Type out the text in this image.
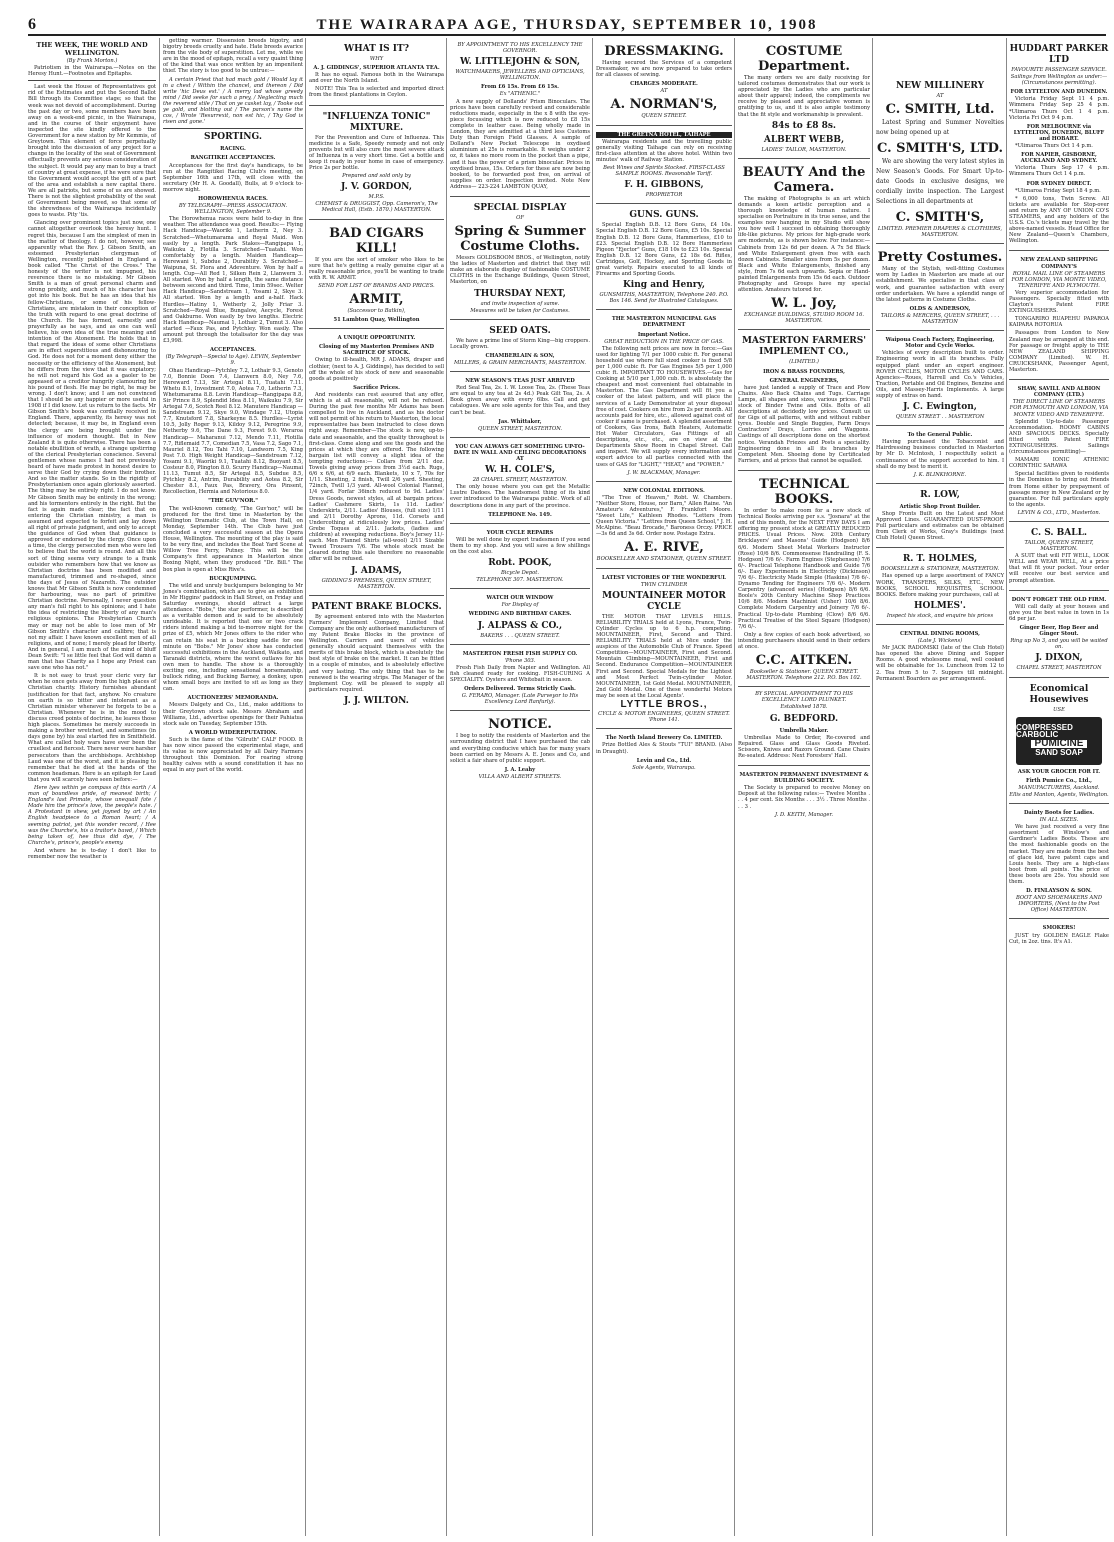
6	THE WAIRARAPA AGE, THURSDAY, SEPTEMBER 10, 1908
THE WEEK, THE WORLD AND WELLINGTON.
(By Frank Morton.)

Patriotism in the Wairarapa.—Notes on the Heresy Hunt.—Footnotes and Epitaphs.

Last week the House of Representatives got rid of the Estimates and put the Second Ballot Bill through its Committee stage; so that the week was not devoid of accomplishment. During the past day or two, some members have been away on a week-end picnic, in the Wairarapa, and in the course of their enjoyment have inspected the site kindly offered to the Government for a new station by Mr Kemmis, of Greytown. This element of force perpetually brought into the discussion of any project for a change in the locality of the seat of Government effectually prevents any serious consideration of the subject. It would pay any man to buy a tract of country at great expense, if he were sure that the Government would accept the gift of a part of the area and establish a new capital there. We are all patriots, but some of us are showed. There is not the slightest probability of the seat of Government being moved, so that some of the shrewdness of the Wairarapa incidentally goes to waste. Pity 'tis.

Glancing over prominent topics just now, one cannot altogether overlook the heresy hunt. I regret this, because I am the simplest of men in the matter of theology. I do not, however, see apparently what the Rev. J. Gibson Smith, an esteemed Presbyterian clergyman of Wellington, recently published in England a book called "The Christ of the Cross." The honesty of the writer is not impugned, his reverence there is no mistaking. Mr Gibson Smith is a man of great personal charm and strong probity, and much of his character has got into his book. But he has an idea that his fellow-Christians, or some of his fellow-Christians, are mistaken in their conception of the truth with regard to one great doctrine of the Church. He has formed, earnestly and prayerfully as he says, and as one can well believe, his own idea of the true meaning and intention of the Atonement. He holds that in that regard the ideas of some other Christians are in effect superstitious and dishonouring to God. He does not for a moment deny either the necessity or the efficiency of the Atonement, but he differs from the view that it was expiatory; he will not regard his God as a gaoler to be appeased or a creditor hungrily clamouring for his pound of flesh. He may be right, he may be wrong. I don't know; and I am not convinced that I should be any happier or more useful in 1908 if I did know. Let us return to the facts. Mr Gibson Smith's book was cordially received in England. There, apparently, its heresy was not detected; because, it may be, in England even the clergy are being brought under the influence of modern thought. But in New Zealand it is quite otherwise. There has been a notable ebullition of wrath, a strange upstirring of the clerical Presbyterian conscience. Several gentlemen whose names I had not previously heard of have made protest in honest desire to serve their God by crying down their brother. And so the matter stands. So in the rigidity of Presbyterianism once again gloriously asserted. The thing may be entirely right. I do not know. Mr Gibson Smith may be entirely in the wrong; and his tormentors entirely in the right. But the fact is again made clear; the fact that on entering the Christian ministry, a man is assumed and expected to forfeit and lay down all right of private judgment, and only to accept the guidance of God when that guidance is approved or endorsed by the clergy. Once upon a time, the clergy persecuted men who were led to believe that the world is round. And all this sort of thing seems very strange to a frank outsider who remembers how that we know as Christian doctrine has been modified and manufactured, trimmed and re-shaped, since the days of Jesus of Nazareth. The outsider knows that Mr Gibson Smith is now condemned for harbouring, was no part of primitive Christian doctrine. Personally, I never question any man's full right to his opinions; and I hate the idea of restricting the liberty of any man's religious opinions. The Presbyterian Church may or may not be able to lose men of Mr Gibson Smith's character and calibre; that is not my affair. I have known excellent men of all religions, and of none; I merely plead for liberty. And in general, I am much of the mind of bluff Dean Swift: "I se little feel that God will damn a man that has Charity as I hope any Priest can save one who has not."

It is not easy to trust your cleric very far when he once gets away from the high places of Christian charity. History furnishes abundant justification for that fact, anyhow. No creature on earth is so bitter and intolerant as a Christian minister whenever he forgets to be a Christian. Whenever he is in the mood to discuss creed points of doctrine, he leaves those high places. Sometimes he merely succeeds in making a brother wretched, and sometimes (in days gone by) his zeal started fire in Smithfield. What are called holy wars have ever been the cruellest and fiercest. There never were harsher persecutors than the archbishops. Archbishop Laud was one of the worst, and it is pleasing to remember that he died at the hands of the common headsman. Here is an epitaph for Laud that you will scarcely have seen before:—

Here lyes within ye compass of this earth / A man of boundless pride, of meanest birth; / England's last Primate, whose unequall fate / Made him the prince's love, the people's hate. / A Protestant in shew, yet joyned by art / An English headpiece to a Roman heart; / A seeming patriot, yet this wonder record, / Hee was the Churche's, his a traitor's bawd, / Which being taken of, hee thus did dye, / The Churche's, prince's, people's enemy.

And where he is to-day I don't like to remember now the weather is

getting warmer. Dissension breeds bigotry, and bigotry breeds cruelty and hate. Hate breeds avarice from the vile body of superstition. Let me, while we are in the mood of epitaph, recall a very quaint thing of the kind that was once written by an impenitent thief. The story is too good to be untrue:—

A certain Priest that had much gold / Would lay it in a chest / Within the chancel, and thereon / Did write 'hic Deus est.' / A merry lad whose greedy mind / Did seeke for such a prey, / Neglecting much the reverend stile / That on ye casket lay, / Tooke out ye gold, and blotting out / The parson's name the cos, / Wrote 'Resurrexit, non est hic, / Thy God is risen and gone.'

SPORTING.
RACING.
RANGITIKEI ACCEPTANCES.

Acceptances for the first day's handicaps, to be run at the Rangitikei Racing Club's meeting, on September 16th and 17th, will close with the secretary (Mr H. A. Goodall), Bulls, at 9 o'clock to-morrow night.

HOROWHENUA RACES.
BY TELEGRAPH—PRESS ASSOCIATION. WELLINGTON, September 9.

The Horowhenua races were held to-day in fine weather. The attendance was good. Results:— Flying Hack Handicap—Waoriki 1, Letherin 2, Ney 3. Scratched—Whetumarama and Royal Maid. Won easily by a length. Park Stakes—Rangipapa 1, Waikuku 2, Flotilla 3. Scratched—Tuatahi. Won comfortably by a length. Maiden Handicap—Herewani 1, Subdue 2, Durability 3. Scratched—Waipuna, St. Flora and Adeventure. Won by half a length. Cup—All Red 1, Silken Rein 2, Llanwern 3. All started. Won by half a length, the same distance between second and third. Time, 1min 59sec. Welter Hack Handicap—Sandstream 1, Yosami 2, Skye 3. All started. Won by a length and a-half. Hack Hurdles—Hatiny 1, Wetherly 2, Jolly Friar 3. Scratched—Royal Blue, Bungalow, Aecycle, Forest and Oakburne. Won easily by two lengths. Electric Hack Handicap—Naumai 1, Lothair 2, Tumut 3. Also started —Faux Pas, and Pytchley. Won easily. The amount put through the totalisator for the day was £3,998.

ACCEPTANCES.
(By Telegraph—Special to Age). LEVIN, September 9.

Ohau Handicap—Pytchley 7.2, Lothair 9.3, Genoto 7.0, Bonnie Doon 7.4, Llanwern 8.0, Ney 7.6, Hereward 7.13, Sir Artegal 8.11, Tuatahi 7.11. Whetu 8.1, Investment 7.0, Aotea 7.0, Letherin 7.3, Whetumarama 8.8. Levin Handicap—Rangipapa 8.8, Sir Prince 8.9, Splendid Idea 8.11, Waikuku 7.9, Sir Artegal 7.6, Scotch Reel 8.12. Manutere Handicap — Sandstream 9.12, Skye 9.0, Windage 7.12, Utopia 7.7, Knutsford 7.8, Sharkeyne 8.5. Hurdles—Lyrist 10.5, Jolly Roger 9.13, Kildoy 9.12, Peregrine 9.9, Netherby 9.6, The Dane 9.3, Forest 9.0. Weraroa Handicap— Maharanui 7.12, Mendo 7.11, Flotilla 7.7, Riflemaid 7.7, Comedian 7.5, Vasa 7.2, Sago 7.1, Mauriel 8.12, Tou Tahi 7.10, Landworn 7.5, King Post 7.0. High Weight Handicap—Sandstream 7.12, Yosami 9.1, Waoriki 9.1, Tuatahi 8.12, Buoyant 8.5, Costeur 8.0, Plington 8.0. Scurry Handicap—Naumai 11.13, Tumut 8.5, Sir Artegal 8.5, Subdue 8.5, Pytchley 8.2, Antrim, Durability and Aotea 8.2, Sir Chester 8.1, Faux Pas, Bravery, Ora Pinsent, Recollection, Hermia and Notorious 8.0.

"THE GUV'NOR."

The well-known comedy, "The Guv'nor," will be produced for the first time in Masterton by the Wellington Dramatic Club, at the Town Hall, on Monday, September 14th. The Club have just concluded a very successful season at the Opera House, Wellington. The mounting of the play is said to be very fine, and includes the Boat Yard Scene at Willow Tree Ferry, Putney. This will be the Company's first appearance in Masterton since Boxing Night, when they produced "Dr. Bill." The box plan is open at Miss Rive's.

BUCKJUMPING.

The wild and unruly buckjumpers belonging to Mr Jones's combination, which are to give an exhibition in Mr Higgins' paddock in Hall Street, on Friday and Saturday evenings, should attract a large attendance. "Bobs," the star performer, is described as a veritable demon and is said to be absolutely unrideable. It is reported that one or two crack riders intend making a bid to-morrow night for the prize of £5, which Mr Jones offers to the rider who can retain his seat in a bucking saddle for one minute on "Bobs." Mr Jones' show has conducted successful exhibitions in the Auckland, Waikato, and Taranaki districts, where the worst outlaws for his own men to handle. The show is a thoroughly exciting one, including sensational horsemanship, bullock riding, and Bucking Barney, a donkey, upon whom small boys are invited to sit as long as they can.

AUCTIONEERS' MEMORANDA.

Messrs Dalgety and Co., Ltd., make additions to their Greytown stock sale. Messrs Abraham and Williams, Ltd., advertise openings for their Pahiatua stock sale on Tuesday, September 15th.

A WORLD WIDEREPUTATION.

Such is the fame of the "Gilruth" CALF FOOD. It has now since passed the experimental stage, and its value is now appreciated by all Dairy Farmers throughout this Dominion. For rearing strong healthy calves with a sound constitution it has no equal in any part of the world.

WHAT IS IT?
WHY
A. J. GIDDINGS', SUPERIOR ATLANTA TEA.

It has no equal. Famous both in the Wairarapa and over the North Island.

NOTE! This Tea is selected and imported direct from the finest plantations in Ceylon.

"INFLUENZA TONIC" MIXTURE.

For the Prevention and Cure of Influenza. This medicine is a Safe, Speedy remedy and not only prevents but will also cure the most severe attack of Influenza in a very short time. Get a bottle and keep it ready in your home in case of emergency. Price 2s per bottle.

Prepared and sold only by
J. V. GORDON,
M.P.S.
CHEMIST & DRUGGIST, Opp. Cameron's, The Medical Hall, (Estb. 1870.) MASTERTON.
BAD CIGARS KILL!

If you are the sort of smoker who likes to be sure that he's getting a really genuine cigar at a really reasonable price, you'll be wanting to trade with R. W. ARMIT.

SEND FOR LIST OF BRANDS AND PRICES.
ARMIT,
(Successor to Batkin),
51 Lambton Quay, Wellington
A UNIQUE OPPORTUNITY.
Closing of my Masterton Premises AND SACRIFICE OF STOCK.

Owing to ill-health, MR J. ADAMS, draper and clothier, (next to A. J. Giddings), has decided to sell off the whole of his stock of new and seasonable goods at positively

Sacrifice Prices.

And residents can rest assured that any offer, which is at all reasonable, will not be refused. During the past few months Mr Adams has been compelled to live in Auckland, and as his doctor will not permit of his return to Masterton, the local representative has been instructed to close down right away. Remember—The stock is new, up-to-date and seasonable, and the quality throughout is first-class. Come along and see the goods and the prices at which they are offered. The following bargain list will convey a slight idea of the tempting reductions:— Collars from 2/11 doz. Towels giving away prices from 3½d each. Rugs, 6/6 x 6/6, at 6/9 each. Blankets, 10 x 7, 70s for 1/11. Sheeting, 2 finish, Twill 2/6 yard. Sheeting, 72inch, Twill 1/3 yard. All-wool Colonial Flannel, 1/4 yard. Forfar 36inch reduced to 9d. Ladies' Dress Goods, newest styles, all at bargain prices. Ladies' Cashmere Skirts, 1s 11d. Ladies' Underskirts, 2/11. Ladies' Blouses, (full size) 1/11 and 2/11 Dorothy Aprons, 11d. Corsets and Undercothing at ridiculously low prices. Ladies' Grebe Toques at 2/11. Jackets, (ladies and children) at sweeping reductions. Boy's Jersey 11/- each. Men Flannel Shirts (all-wool) 2/11 Sizable Tweed Trousers 7/6. The whole stock must be cleared during this sale therefore no reasonable offer will be refused.

J. ADAMS,
GIDDING'S PREMISES, QUEEN STREET, MASTERTON.
PATENT BRAKE BLOCKS.

By agreement entered into with the Masterton Farmers' Implement Company, Limited that Company are the only authorised manufacturers of my Patent Brake Blocks in the province of Wellington. Carriers and users of vehicles generally should acquaint themselves with the merits of this brake block, which is absolutely the best style of brake on the market. It can be fitted in a couple of minutes, and is absolutely effective and very lasting. The only thing that has to be renewed is the wearing strips. The Manager of the Implement Coy. will be pleased to supply all particulars required.

J. J. WILTON.
BY APPOINTMENT TO HIS EXCELLENCY THE GOVERNOR.
W. LITTLEJOHN & SON,
WATCHMAKERS, JEWELLERS AND OPTICIANS, WELLINGTON.
From £6 15s. From £6 15s.
Ex "ATHENIC."

A new supply of Dollands' Prism Binoculars. The prices have been carefully revised and considerable reductions made, especially in the x 8 with the eye-piece focussing which is now reduced to £8 15s complete in leather case. Being wholly made in London, they are admitted at a third less Customs Duty than Foreign Field Glasses. A sample of Dolland's New Pocket Telescope in oxydised aluminium at 25s is remarkable. It weighs under 2 oz, it takes no more room in the pocket than a pipe, and it has the power of a prism binocular. Prices in oxydised brass, 15s. Orders for these are now being booked, to be forwarded post free, on arrival of supplies on order. Inspection invited. Note New Address— 223-224 LAMBTON QUAY,

SPECIAL DISPLAY
OF
Spring & Summer Costume Cloths.

Messrs GOLDSBOOM BROS., of Wellington, notify the ladies of Masterton and district that they will make an elaborate display of fashionable COSTUME CLOTHS in the Exchange Buildings, Queen Street, Masterton, on

THURSDAY NEXT,
and invite inspection of same.
Measures will be taken for Costumes.
SEED OATS.

We have a prime line of Storm King—big croppers. Locally grown.

CHAMBERLAIN & SON,
MILLERS, & GRAIN MERCHANTS, MASTERTON.
NEW SEASON'S TEAS JUST ARRIVED

Red Seal Tea, 2s. I. W. Loose Tea, 2s. (These Teas are equal to any tea at 2s 4d.) Peak Gilt Tea, 2s. A Book given away with every 6lbs. Call and get catalogues. We are sole agents for this Tea, and they can't be beat.

Jas. Whittaker,
QUEEN STREET, MASTERTON.
YOU CAN ALWAYS GET SOMETHING UP-TO-DATE IN WALL AND CEILING DECORATIONS AT
W. H. COLE'S,
28 CHAPEL STREET, MASTERTON.

The only house where you can get the Metallic Lustre Dadoes. The handsomest thing of its kind ever introduced to the Wairarapa public. Work of all descriptions done in any part of the province.

TELEPHONE No. 149.
YOUR CYCLE REPAIRS

Will be well done by expert tradesmen if you send them to my shop. And you will save a few shillings on the cost also.

Robt. POOK,
Bicycle Depot.
TELEPHONE 307. MASTERTON.
WATCH OUR WINDOW
For Display of
WEDDING AND BIRTHDAY CAKES.
J. ALPASS & CO.,
BAKERS . . . QUEEN STREET.
MASTERTON FRESH FISH SUPPLY CO.
'Phone 303.

Fresh Fish Daily from Napier and Wellington. All fish cleaned ready for cooking. FISH-CURING A SPECIALITY. Oysters and Whitebait in season.

Orders Delivered. Terms Strictly Cash.
G. FERARO, Manager. (Late Purveyor to His Excellency Lord Ranfurly).
NOTICE.

I beg to notify the residents of Masterton and the surrounding district that I have purchased the cab and everything conducive which has for many years been carried on by Messrs A. E. Jones and Co, and solicit a fair share of public support.

J. A. Leahy
VILLA AND ALBERT STREETS.
DRESSMAKING.

Having secured the Services of a competent Dressmaker, we are now prepared to take orders for all classes of sewing.

CHARGES MODERATE.
AT
A. NORMAN'S,
QUEEN STREET.
THE GRETNA HOTEL, TAIHAPE

Wairarapa residents and the travelling public generally visiting Taihape can rely on receiving first-class attention at the above hotel. Within two minutes' walk of Railway Station.

Best Wines and Spirits Stocked. FIRST-CLASS SAMPLE ROOMS. Reasonable Tariff.
F. H. GIBBONS,
PROPRIETOR
GUNS. GUNS.

Special English D.B. 12 Bore Guns, £4 10s. Special English D.B. 12 Bore Guns, £5 10s. Special English D.B. 12 Bore Guns, Hammerless, £10 to £23. Special English D.B. 12 Bore Hammerless Pigeon "Ejector" Guns, £18 10s to £23 10s. Special English D.B. 12 Bore Guns, £2 18s 6d. Rifles, Cartridges, Golf, Hockey, and Sporting Goods in great variety. Repairs executed to all kinds of Firearms and Sporting Goods.

King and Henry,
GUNSMITHS, MASTERTON, Telephone 240. P.O. Box 146. Send for Illustrated Catalogues.
THE MASTERTON MUNICIPAL GAS DEPARTMENT
Important Notice.
GREAT REDUCTION IN THE PRICE OF GAS.

The following nett prices are now in force:—Gas used for lighting 7/1 per 1000 cubic ft. For general household use where full sized cooker is fixed 5/8 per 1,000 cubic ft. For Gas Engines 5/5 per 1,000 cubic ft. IMPORTANT TO HOUSEWIVES.—Gas for Cooking at 5/10 per 1,000 cub. ft. is absolutely the cheapest and most convenient fuel obtainable in Masterton. The Gas Department will fit you a cooker of the latest pattern, and will place the services of a Lady Demonstrator at your disposal free of cost. Cookers on hire from 2s per month. All accounts paid for hire, etc., allowed against cost of cooker if same is purchased. A splendid assortment of Cookers, Gas Irons, Bath Heaters, Automatic Hot Water Circulators, Gas Fittings of all descriptions, etc., etc., are on view at the Departments Show Room in Chapel Street. Call and inspect. We will supply every information and expert advice to all parties connected with the uses of GAS for "LIGHT," "HEAT," and "POWER."

J. W. BLACKMAN, Manager.
NEW COLONIAL EDITIONS.

"The Tree of Heaven," Robt. W. Chambers. "Neither Store, House, nor Barn," Allen Raine. "An Amateur's Adventures," F. Frankfort Moore. "Sweet Life," Kathleen Rhodes. "Letters from Queen Victoria." "Lettres from Queen School," J. H. McAlpine. "Beau Brocade," Baroness Orczy. PRICE—3s 6d and 3s 6d. Order now. Postage Extra.

A. E. RIVE,
BOOKSELLER AND STATIONER, QUEEN STREET.
LATEST VICTORIES OF THE WONDERFUL
TWIN CYLINDER
MOUNTAINEER MOTOR CYCLE

THE MOTOR THAT LEVELS HILLS. RELIABILITY TRIALS held at Lyons, France, Twin-Cylinder Cycles up to 6 h.p. competing. MOUNTAINEER, First, Second and Third. RELIABILITY TRIALS held at Nice under the auspices of the Automobile Club of France. Speed Competition—MOUNTAINEER, First and Second. Mountain Climbing—MOUNTAINEER, First and Second. Endurance Competition—MOUNTAINEER First and Second. Special Medals for the Lightest and Most Perfect Twin-cylinder Motor. MOUNTAINEER, 1st Gold Medal. MOUNTAINEER, 2nd Gold Medal. One of these wonderful Motors may be seen at the Local Agents'.

LYTTLE BROS.,
CYCLE & MOTOR ENGINEERS, QUEEN STREET. 'Phone 141.
The North Island Brewery Co. LIMITED.

Prize Bottled Ales & Stouts "TUI" BRAND. (Also in Draught).

Levin and Co., Ltd.
Sole Agents, Wairarapa.
COSTUME Department.

The many orders we are daily receiving for tailored costumes demonstrates that our work is appreciated by the Ladies who are particular about their apparel; indeed, the compliments we receive by pleased and appreciative women is gratifying to us, and it is also ample testimony that the fit style and workmanship is prevalent.

84s to £8 8s.
ALBERT WEBB,
LADIES' TAILOR, MASTERTON.
BEAUTY And the Camera.

The making of Photographs is an art which demands a keen artistic perception and a thorough knowledge of human nature. I specialise on Portraiture in its true sense, and the examples now hanging in my Studio will show you how well I succeed in obtaining thoroughly life-like pictures. My prices for high-grade work are moderate, as is shown below. For instance:—Cabinets from 12s 6d per dozen. A 7x 5d Black and White Enlargement given free with each dozen Cabinets. Smaller sizes from 5s per dozen. Black and White Enlargements, finished any style, from 7s 6d each upwards. Sepia or Hand-painted Enlargements from 15s 6d each. Outdoor Photography and Groups have my special attention. Amateurs tutored for.

W. L. Joy,
EXCHANGE BUILDINGS, STUDIO ROOM 16. MASTERTON.
MASTERTON FARMERS' IMPLEMENT CO.,
(LIMITED.)
IRON & BRASS FOUNDERS,
GENERAL ENGINEERS,

have just landed a supply of Trace and Plow Chains. Also Back Chains and Tugs. Carriage Lamps, all shapes and sizes, various prices. Full stock of Binder Twine and Oils. Bolts of all descriptions at decidedly low prices. Consult us for Gigs of all patterns, with and without rubber tyres. Double and Single Buggies, Farm Drays Contractors' Drays, Lorries and Waggons. Castings of all descriptions done on the shortest notice. Verandah Friezes and Posts a speciality. Engineering done in all its branches by Competent Men. Shoeing done by Certificated Farriers, and at prices that cannot be equalled.

TECHNICAL BOOKS.

In order to make room for a new stock of Technical Books arriving per s.s. "Josnara" at the end of this month, for the NEXT FEW DAYS I am offering my present stock at GREATLY REDUCED PRICES. Usual Prices. Now. 20th Century Bricklayers' and Masons' Guide (Hodgson) 8/6 6/6. Modern Sheet Metal Workers Instructor (Rose) 10/6 8/6. Commonsense Handrailing (F. S. Hodgson) 7/6 6/-. Farm Engines (Stephenson) 7/6 6/-. Practical Telephone Handbook and Guide 7/6 6/-. Easy Experiments in Electricity (Dickinson) 7/6 6/-. Electricity Made Simple (Haskins) 7/6 6/-. Dynamo Tending for Engineers 7/6 6/-. Modern Carpentry (advanced series) (Hodgson) 8/6 6/6. Boole's 20th Century Machine Shop Practices 10/6 8/6. Modern Machinist (Usher) 10/6 8/6. Complete Modern Carpentry and Joinery 7/6 6/-. Practical Up-to-date Plumbing (Clow) 8/6 6/6. Practical Treatise of the Steel Square (Hodgson) 7/6 6/-.

Only a few copies of each book advertised, so intending purchasers should send in their orders at once.

C.C. AITKEN.
Bookseller & Stationer. QUEEN STREET. MASTERTON. Telephone 212. P.O. Box 102.
BY SPECIAL APPOINTMENT TO HIS EXCELLENCY LORD PLUNKET.
Established 1878.
G. BEDFORD.
Umbrella Maker.

Umbrellas Made to Order, Re-covered and Repaired. Glass and Glass Goods Riveted. Scissors, Knives and Razors Ground. Cane Chairs Re-seated. Address: Next Foresters' Hall.

MASTERTON PERMANENT INVESTMENT & BUILDING SOCIETY.

The Society is prepared to receive Money on Deposit at the following rates:— Twelve Months . . . 4 per cent. Six Months . . . 3½ . Three Months . . . 3 .

J. D. KEITH, Manager.
NEW MILLINERY
AT
C. SMITH, Ltd.

Latest Spring and Summer Novelties now being opened up at

C. SMITH'S, LTD.

We are showing the very latest styles in New Season's Goods. For Smart Up-to-date Goods in exclusive designs, we cordially invite inspection. The Largest Selections in all departments at

C. SMITH'S,
LIMITED. PREMIER DRAPERS & CLOTHIERS, MASTERTON.
Pretty Costumes.

Many of the Stylish, well-fitting Costumes worn by Ladies in Masterton are made at our establishment. We specialise in that class of work, and guarantee satisfaction with every order undertaken. We have a splendid range of the latest patterns in Costume Cloths.

OLDS & ANDERSON,
TAILORS & MERCERS, QUEEN STREET, . . . MASTERTON
Waipoua Coach Factory, Engineering, Motor and Cycle Works.

Vehicles of every description built to order. Engineering work in all its branches. Fully equipped plant under an expert engineer. ROVER CYCLES, MOTOR CYCLES AND CARS. Agencies—Roues, Harrell and Co.'s Vehicles, Traction, Portable and Oil Engines, Benzine and Oils, and Massey-Harris Implements. A large supply of extras on hand.

J. C. Ewington,
QUEEN STREET . . MASTERTON
To the General Public.

Having purchased the Tobacconist and Hairdressing business conducted in Masterton by Mr D. McIntosh, I respectfully solicit a continuance of the support accorded to him. I shall do my best to merit it.

J. K. BLINKHORNE.
R. LOW,
Artistic Shop Front Builder.

Shop Fronts Built on the Latest and Most Approved Lines. GUARANTEED DUST-PROOF. Full particulars and estimates can be obtained from Clerk of Works, Gray's Buildings (next Club Hotel) Queen Street.

R. T. HOLMES,
BOOKSELLER & STATIONER, MASTERTON.

Has opened up a large assortment of FANCY WORK, TRANSFERS, SILKS, ETC., NEW BOOKS, SCHOOL REQUISITES, SCHOOL BOOKS. Before making your purchases, call at

HOLMES'.
Inspect his stock, and enquire his prices
CENTRAL DINING ROOMS,
(Late J. Wickens)

Mr JACK RADOMSKI (late of the Club Hotel) has opened the above Dining and Supper Rooms. A good wholesome meal, well cooked will be obtainable for 1s. Luncheon from 12 to 2. Tea from 5 to 7. Suppers till midnight. Permanent Boarders as per arrangement.

HUDDART PARKER LTD
FAVOURITE PASSENGER SERVICE.
Sailings from Wellington as under:— (Circumstances permitting).
FOR LYTTELTON AND DUNEDIN.

Victoria Friday Sept 11 4 p.m. Wimmera Friday Sep 25 4 p.m. *Ulimaroa Thurs Oct 1 4 p.m. Victoria Fri Oct 9 4 p.m.

FOR MELBOURNE via LYTTELTON, DUNEDIN, BLUFF and HOBART.

*Ulimaroa Thurs Oct 1 4 p.m.

FOR NAPIER, GISBORNE, AUCKLAND AND SYDNEY.

Victoria Thurs Sep 17 4 p.m. Wimmera Thurs Oct 1 4 p.m.

FOR SYDNEY DIRECT.

*Ulimaroa Friday Sept 18 4 p.m.

* 6,000 tons, Twin Screw. All tickets are available for Stop-over and return by ANY OF UNION CO'S STEAMERS, and any holders of the U.S.S. Co.'s tickets may travel by the above-named vessels. Head Office for New Zealand—Queen's Chambers, Wellington.

NEW ZEALAND SHIPPING COMPANY'S
ROYAL MAIL LINE OF STEAMERS FOR LONDON, VIA MONTE VIDEO, TENERIFFE AND PLYMOUTH.

Very superior accommodation for Passengers. Specially fitted with Clayton's Patent FIRE EXTINGUISHERS.

TONGARIRO RUAPEHU PAPAROA KAIPARA ROTORUA

Passages from London to New Zealand may be arranged at this end. For passage or freight apply to THE NEW ZEALAND SHIPPING COMPANY (Limited). W. H. CRUICKSHANK, Passenger Agent, Masterton.

SHAW, SAVILL AND ALBION COMPANY (LTD.)
THE DIRECT LINE OF STEAMERS FOR PLYMOUTH AND LONDON, VIA MONTE VIDEO AND TENERIFFE.

Splendid Up-to-date Passenger Accommodation. ROOMY CABINS AND SPACIOUS DECKS. Specially fitted with Patent FIRE EXTINGUISHERS. Sailings (circumstances permitting)—

MAMARI IONIC ATHENIC CORINTHIC SARAWA

Special facilities given to residents in the Dominion to bring out friends from Home either by prepayment of passage money in New Zealand or by guarantee. For full particulars apply to the agents.

LEVIN & CO., LTD., Masterton.
C. S. BALL.
TAILOR, QUEEN STREET, MASTERTON.

A SUIT that will FIT WELL, LOOK WELL and WEAR WELL, At a price that will fit your pocket. Your order will receive our best service and prompt attention.

DON'T FORGET THE OLD FIRM.

Will call daily at your houses and give you the best value in town in 1s 6d per jar.

Ginger Beer, Hop Beer and Ginger Stout.
Ring up No 3, and you will be waited on.
J. DIXON,
CHAPEL STREET, MASTERTON
Economical Housewives
USE
COMPRESSED CARBOLIC
PUMICINE
SAND SOAP
ASK YOUR GROCER FOR IT.
Firth Pumice Co., Ltd.,
MANUFACTURERS, Auckland.
Ellis and Manton, Agents, Wellington.
Dainty Boots for Ladies.
IN ALL SIZES.

We have just received a very fine assortment of Winslow's and Gardiner's Ladies Boots. These are the most fashionable goods on the market. They are made from the best of glace kid, have patent caps and Louis heels. They are a high-class boot from all points. The price of these boots are 25s. You should see them.

D. FINLAYSON & SON.
BOOT AND SHOEMAKERS AND IMPORTERS, (Next to the Post Office) MASTERTON.
SMOKERS!

JUST try GOLDEN EAGLE Flake Cut, in 2oz. tins. It's A1.
